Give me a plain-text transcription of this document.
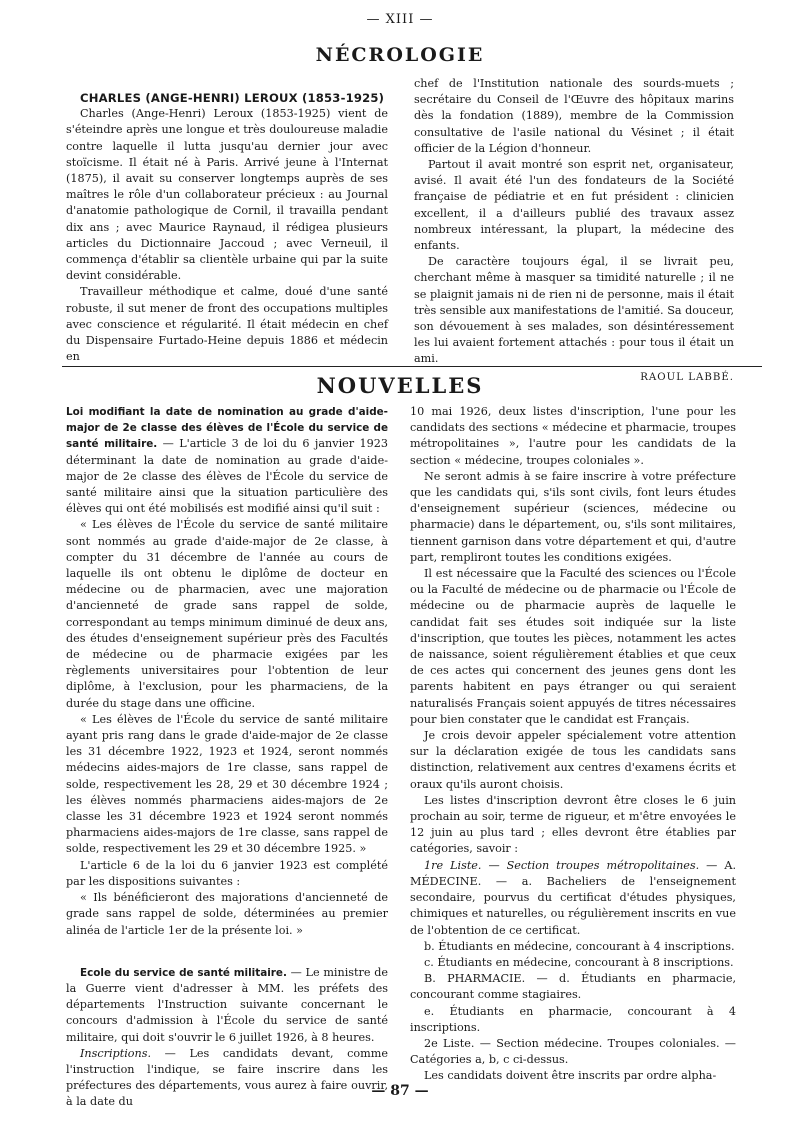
— XIII —
NÉCROLOGIE

CHARLES (ANGE-HENRI) LEROUX (1853-1925)

Charles (Ange-Henri) Leroux (1853-1925) vient de s'éteindre après une longue et très douloureuse maladie contre laquelle il lutta jusqu'au dernier jour avec stoïcisme. Il était né à Paris. Arrivé jeune à l'Internat (1875), il avait su conserver longtemps auprès de ses maîtres le rôle d'un collaborateur précieux : au Journal d'anatomie pathologique de Cornil, il travailla pendant dix ans ; avec Maurice Raynaud, il rédigea plusieurs articles du Dictionnaire Jaccoud ; avec Verneuil, il commença d'établir sa clientèle urbaine qui par la suite devint considérable.

Travailleur méthodique et calme, doué d'une santé robuste, il sut mener de front des occupations multiples avec conscience et régularité. Il était médecin en chef du Dispensaire Furtado-Heine depuis 1886 et médecin en

chef de l'Institution nationale des sourds-muets ; secrétaire du Conseil de l'Œuvre des hôpitaux marins dès la fondation (1889), membre de la Commission consultative de l'asile national du Vésinet ; il était officier de la Légion d'honneur.

Partout il avait montré son esprit net, organisateur, avisé. Il avait été l'un des fondateurs de la Société française de pédiatrie et en fut président : clinicien excellent, il a d'ailleurs publié des travaux assez nombreux intéressant, la plupart, la médecine des enfants.

De caractère toujours égal, il se livrait peu, cherchant même à masquer sa timidité naturelle ; il ne se plaignit jamais ni de rien ni de personne, mais il était très sensible aux manifestations de l'amitié. Sa douceur, son dévouement à ses malades, son désintéressement les lui avaient fortement attachés : pour tous il était un ami.

RAOUL LABBÉ.
NOUVELLES

Loi modifiant la date de nomination au grade d'aide-major de 2e classe des élèves de l'École du service de santé militaire. — L'article 3 de loi du 6 janvier 1923 déterminant la date de nomination au grade d'aide-major de 2e classe des élèves de l'École du service de santé militaire ainsi que la situation particulière des élèves qui ont été mobilisés est modifié ainsi qu'il suit :

« Les élèves de l'École du service de santé militaire sont nommés au grade d'aide-major de 2e classe, à compter du 31 décembre de l'année au cours de laquelle ils ont obtenu le diplôme de docteur en médecine ou de pharmacien, avec une majoration d'ancienneté de grade sans rappel de solde, correspondant au temps minimum diminué de deux ans, des études d'enseignement supérieur près des Facultés de médecine ou de pharmacie exigées par les règlements universitaires pour l'obtention de leur diplôme, à l'exclusion, pour les pharmaciens, de la durée du stage dans une officine.

« Les élèves de l'École du service de santé militaire ayant pris rang dans le grade d'aide-major de 2e classe les 31 décembre 1922, 1923 et 1924, seront nommés médecins aides-majors de 1re classe, sans rappel de solde, respectivement les 28, 29 et 30 décembre 1924 ; les élèves nommés pharmaciens aides-majors de 2e classe les 31 décembre 1923 et 1924 seront nommés pharmaciens aides-majors de 1re classe, sans rappel de solde, respectivement les 29 et 30 décembre 1925. »

L'article 6 de la loi du 6 janvier 1923 est complété par les dispositions suivantes :

« Ils bénéficieront des majorations d'ancienneté de grade sans rappel de solde, déterminées au premier alinéa de l'article 1er de la présente loi. »

Ecole du service de santé militaire. — Le ministre de la Guerre vient d'adresser à MM. les préfets des départements l'Instruction suivante concernant le concours d'admission à l'École du service de santé militaire, qui doit s'ouvrir le 6 juillet 1926, à 8 heures.

Inscriptions. — Les candidats devant, comme l'instruction l'indique, se faire inscrire dans les préfectures des départements, vous aurez à faire ouvrir, à la date du

10 mai 1926, deux listes d'inscription, l'une pour les candidats des sections « médecine et pharmacie, troupes métropolitaines », l'autre pour les candidats de la section « médecine, troupes coloniales ».

Ne seront admis à se faire inscrire à votre préfecture que les candidats qui, s'ils sont civils, font leurs études d'enseignement supérieur (sciences, médecine ou pharmacie) dans le département, ou, s'ils sont militaires, tiennent garnison dans votre département et qui, d'autre part, rempliront toutes les conditions exigées.

Il est nécessaire que la Faculté des sciences ou l'École ou la Faculté de médecine ou de pharmacie ou l'École de médecine ou de pharmacie auprès de laquelle le candidat fait ses études soit indiquée sur la liste d'inscription, que toutes les pièces, notamment les actes de naissance, soient régulièrement établies et que ceux de ces actes qui concernent des jeunes gens dont les parents habitent en pays étranger ou qui seraient naturalisés Français soient appuyés de titres nécessaires pour bien constater que le candidat est Français.

Je crois devoir appeler spécialement votre attention sur la déclaration exigée de tous les candidats sans distinction, relativement aux centres d'examens écrits et oraux qu'ils auront choisis.

Les listes d'inscription devront être closes le 6 juin prochain au soir, terme de rigueur, et m'être envoyées le 12 juin au plus tard ; elles devront être établies par catégories, savoir :

1re Liste. — Section troupes métropolitaines. — A. MÉDECINE. — a. Bacheliers de l'enseignement secondaire, pourvus du certificat d'études physiques, chimiques et naturelles, ou régulièrement inscrits en vue de l'obtention de ce certificat.

b. Étudiants en médecine, concourant à 4 inscriptions.

c. Étudiants en médecine, concourant à 8 inscriptions.

B. PHARMACIE. — d. Étudiants en pharmacie, concourant comme stagiaires.

e. Étudiants en pharmacie, concourant à 4 inscriptions.

2e Liste. — Section médecine. Troupes coloniales. — Catégories a, b, c ci-dessus.

Les candidats doivent être inscrits par ordre alpha-

— 87 —
